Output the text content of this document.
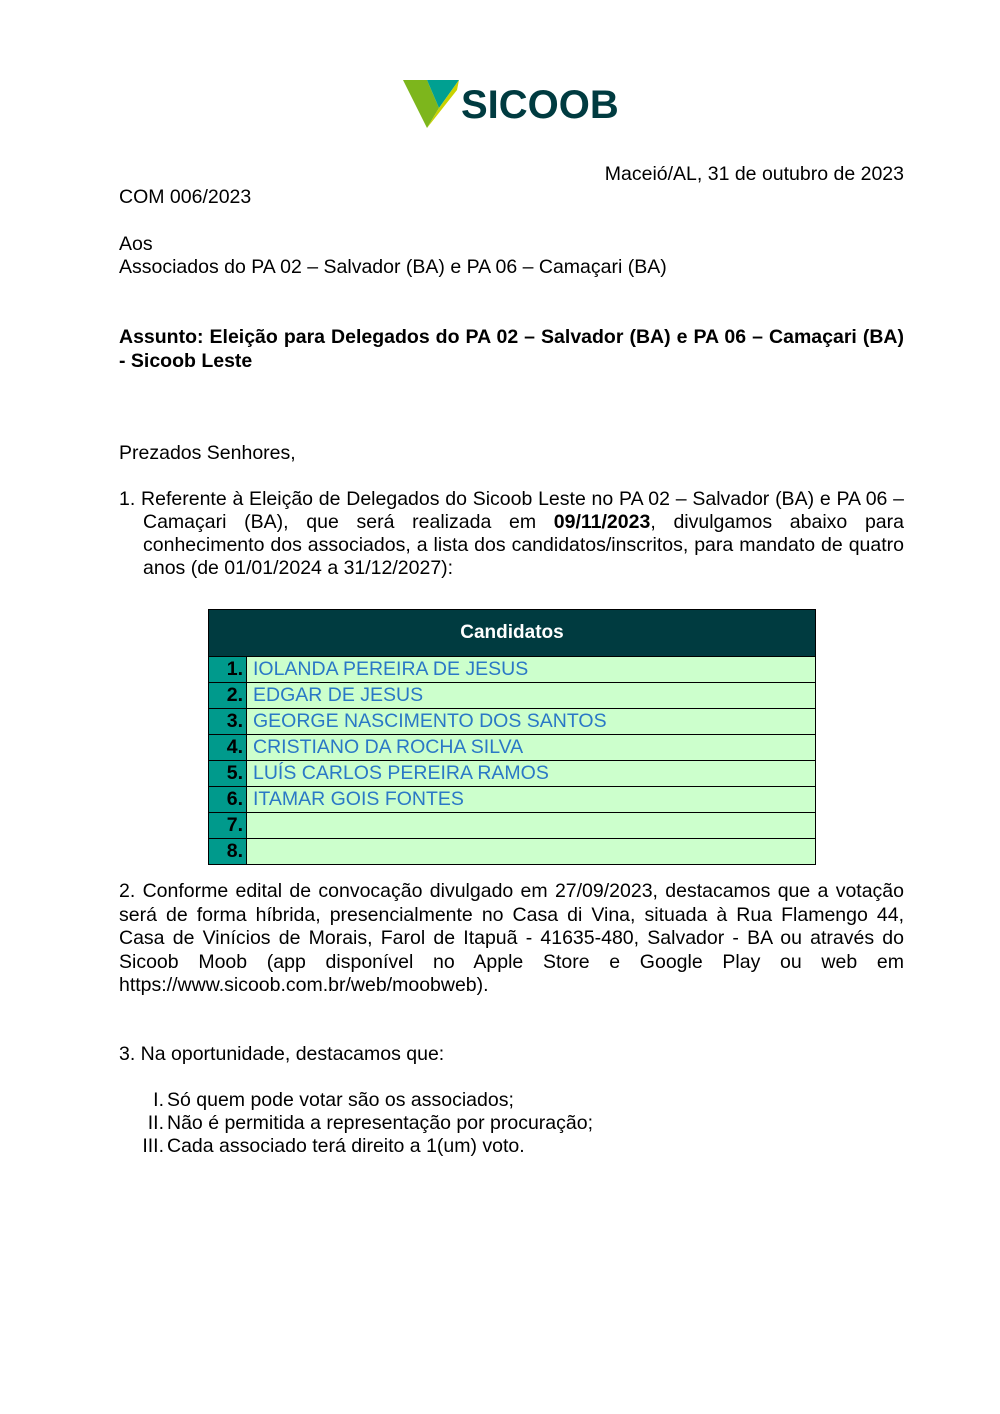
SICOOB
Maceió/AL, 31 de outubro de 2023
COM 006/2023
Aos
Associados do PA 02 – Salvador (BA) e PA 06 – Camaçari (BA)
Assunto: Eleição para Delegados do PA 02 – Salvador (BA) e PA 06 – Camaçari (BA) - Sicoob Leste
Prezados Senhores,
1. Referente à Eleição de Delegados do Sicoob Leste no PA 02 – Salvador (BA) e PA 06 – Camaçari (BA), que será realizada em 09/11/2023, divulgamos abaixo para conhecimento dos associados, a lista dos candidatos/inscritos, para mandato de quatro anos (de 01/01/2024 a 31/12/2027):
Candidatos	
1.	IOLANDA PEREIRA DE JESUS
2.	EDGAR DE JESUS
3.	GEORGE NASCIMENTO DOS SANTOS
4.	CRISTIANO DA ROCHA SILVA
5.	LUÍS CARLOS PEREIRA RAMOS
6.	ITAMAR GOIS FONTES
7.	
8.	
2. Conforme edital de convocação divulgado em 27/09/2023, destacamos que a votação será de forma híbrida, presencialmente no Casa di Vina, situada à Rua Flamengo 44, Casa de Vinícios de Morais, Farol de Itapuã - 41635-480, Salvador - BA ou através do Sicoob Moob (app disponível no Apple Store e Google Play ou web em https://www.sicoob.com.br/web/moobweb).
3. Na oportunidade, destacamos que:
I. Só quem pode votar são os associados;
II. Não é permitida a representação por procuração;
III. Cada associado terá direito a 1(um) voto.
